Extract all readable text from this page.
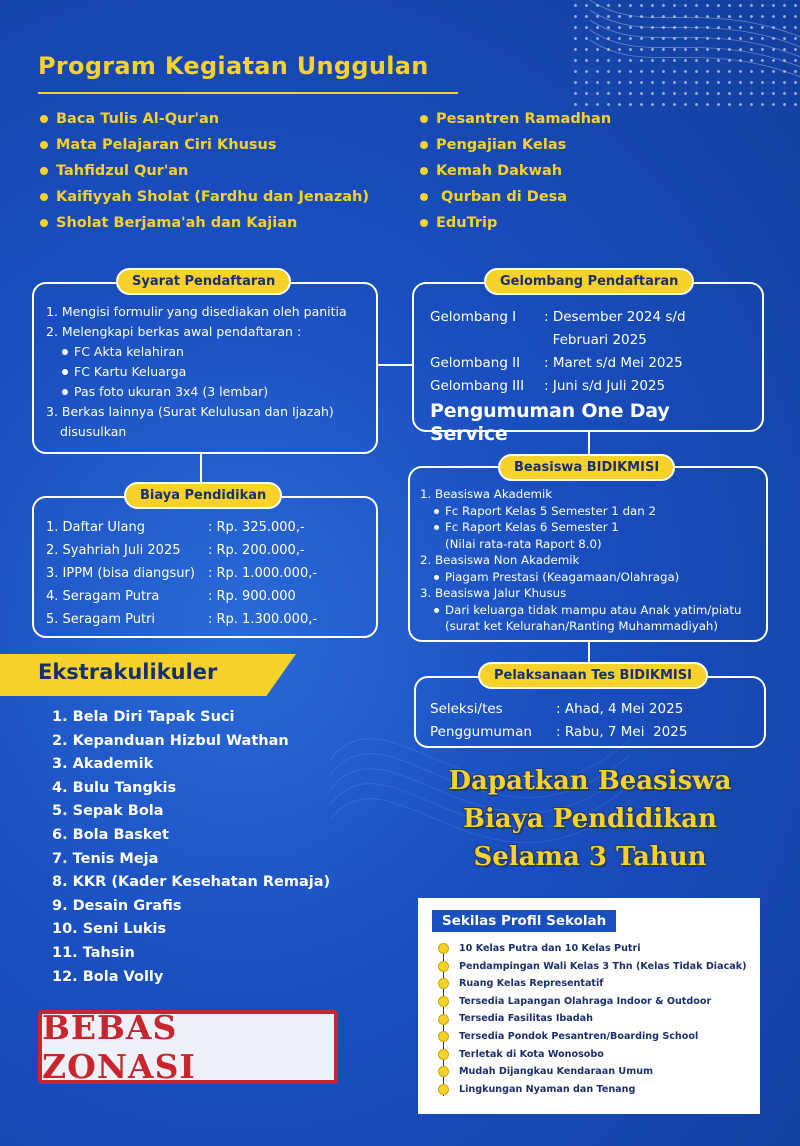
Program Kegiatan Unggulan
Baca Tulis Al-Qur'an
Mata Pelajaran Ciri Khusus
Tahfidzul Qur'an
Kaifiyyah Sholat (Fardhu dan Jenazah)
Sholat Berjama'ah dan Kajian
Pesantren Ramadhan
Pengajian Kelas
Kemah Dakwah
Qurban di Desa
EduTrip
1. Mengisi formulir yang disediakan oleh panitia
2. Melengkapi berkas awal pendaftaran :
FC Akta kelahiran
FC Kartu Keluarga
Pas foto ukuran 3x4 (3 lembar)
3. Berkas lainnya (Surat Kelulusan dan Ijazah)
disusulkan
Syarat Pendaftaran
Gelombang I	: Desember 2024 s/d
Februari 2025
Gelombang II	: Maret s/d Mei 2025
Gelombang III	: Juni s/d Juli 2025
Pengumuman One Day Service
Gelombang Pendaftaran
1. Daftar Ulang	: Rp. 325.000,-
2. Syahriah Juli 2025	: Rp. 200.000,-
3. IPPM (bisa diangsur)	: Rp. 1.000.000,-
4. Seragam Putra	: Rp. 900.000
5. Seragam Putri	: Rp. 1.300.000,-
Biaya Pendidikan	1. Beasiswa Akademik
Fc Raport Kelas 5 Semester 1 dan 2
Fc Raport Kelas 6 Semester 1
(Nilai rata-rata Raport 8.0)
2. Beasiswa Non Akademik
Piagam Prestasi (Keagamaan/Olahraga)
3. Beasiswa Jalur Khusus
Dari keluarga tidak mampu atau Anak yatim/piatu
(surat ket Kelurahan/Ranting Muhammadiyah)
Beasiswa BIDIKMISI
Seleksi/tes	: Ahad, 4 Mei 2025
Penggumuman	: Rabu, 7 Mei  2025
Pelaksanaan Tes BIDIKMISI
Ekstrakulikuler
1. Bela Diri Tapak Suci
2. Kepanduan Hizbul Wathan
3. Akademik
4. Bulu Tangkis
5. Sepak Bola
6. Bola Basket
7. Tenis Meja
8. KKR (Kader Kesehatan Remaja)
9. Desain Grafis
10. Seni Lukis
11. Tahsin
12. Bola Volly
Dapatkan Beasiswa
Biaya Pendidikan
Selama 3 Tahun
BEBAS ZONASI
Sekilas Profil Sekolah
10 Kelas Putra dan 10 Kelas Putri
Pendampingan Wali Kelas 3 Thn (Kelas Tidak Diacak)
Ruang Kelas Representatif
Tersedia Lapangan Olahraga Indoor & Outdoor
Tersedia Fasilitas Ibadah
Tersedia Pondok Pesantren/Boarding School
Terletak di Kota Wonosobo
Mudah Dijangkau Kendaraan Umum
Lingkungan Nyaman dan Tenang
